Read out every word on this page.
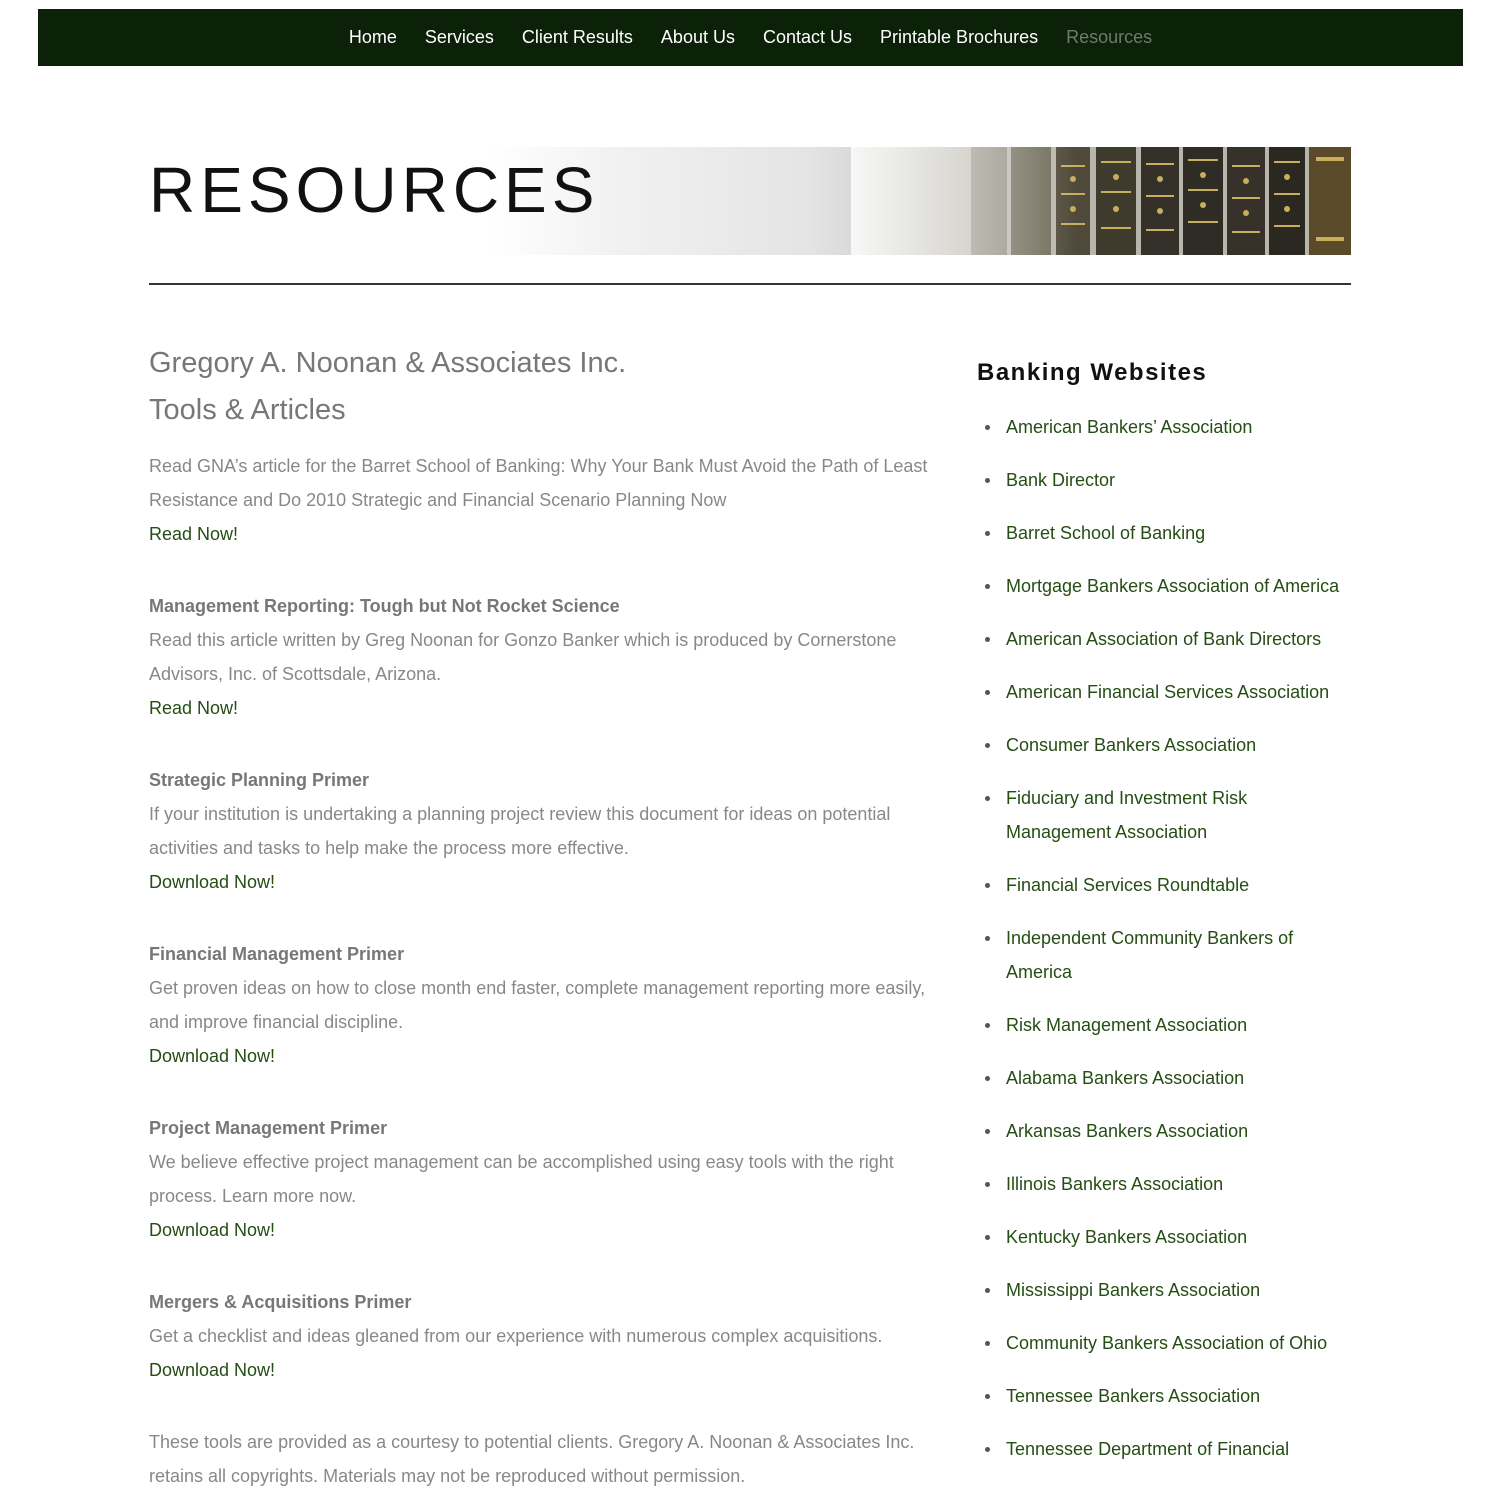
Home Services Client Results About Us Contact Us Printable Brochures Resources
RESOURCES
Gregory A. Noonan & Associates Inc.
Tools & Articles

Read GNA’s article for the Barret School of Banking: Why Your Bank Must Avoid the Path of Least Resistance and Do 2010 Strategic and Financial Scenario Planning Now

Read Now!
Management Reporting: Tough but Not Rocket Science

Read this article written by Greg Noonan for Gonzo Banker which is produced by Cornerstone Advisors, Inc. of Scottsdale, Arizona.

Read Now!
Strategic Planning Primer

If your institution is undertaking a planning project review this document for ideas on potential activities and tasks to help make the process more effective.

Download Now!
Financial Management Primer

Get proven ideas on how to close month end faster, complete management reporting more easily, and improve financial discipline.

Download Now!
Project Management Primer

We believe effective project management can be accomplished using easy tools with the right process. Learn more now.

Download Now!
Mergers & Acquisitions Primer

Get a checklist and ideas gleaned from our experience with numerous complex acquisitions.

Download Now!

These tools are provided as a courtesy to potential clients. Gregory A. Noonan & Associates Inc. retains all copyrights. Materials may not be reproduced without permission.

Banking Websites
American Bankers’ Association
Bank Director
Barret School of Banking
Mortgage Bankers Association of America
American Association of Bank Directors
American Financial Services Association
Consumer Bankers Association
Fiduciary and Investment Risk Management Association
Financial Services Roundtable
Independent Community Bankers of America
Risk Management Association
Alabama Bankers Association
Arkansas Bankers Association
Illinois Bankers Association
Kentucky Bankers Association
Mississippi Bankers Association
Community Bankers Association of Ohio
Tennessee Bankers Association
Tennessee Department of Financial
